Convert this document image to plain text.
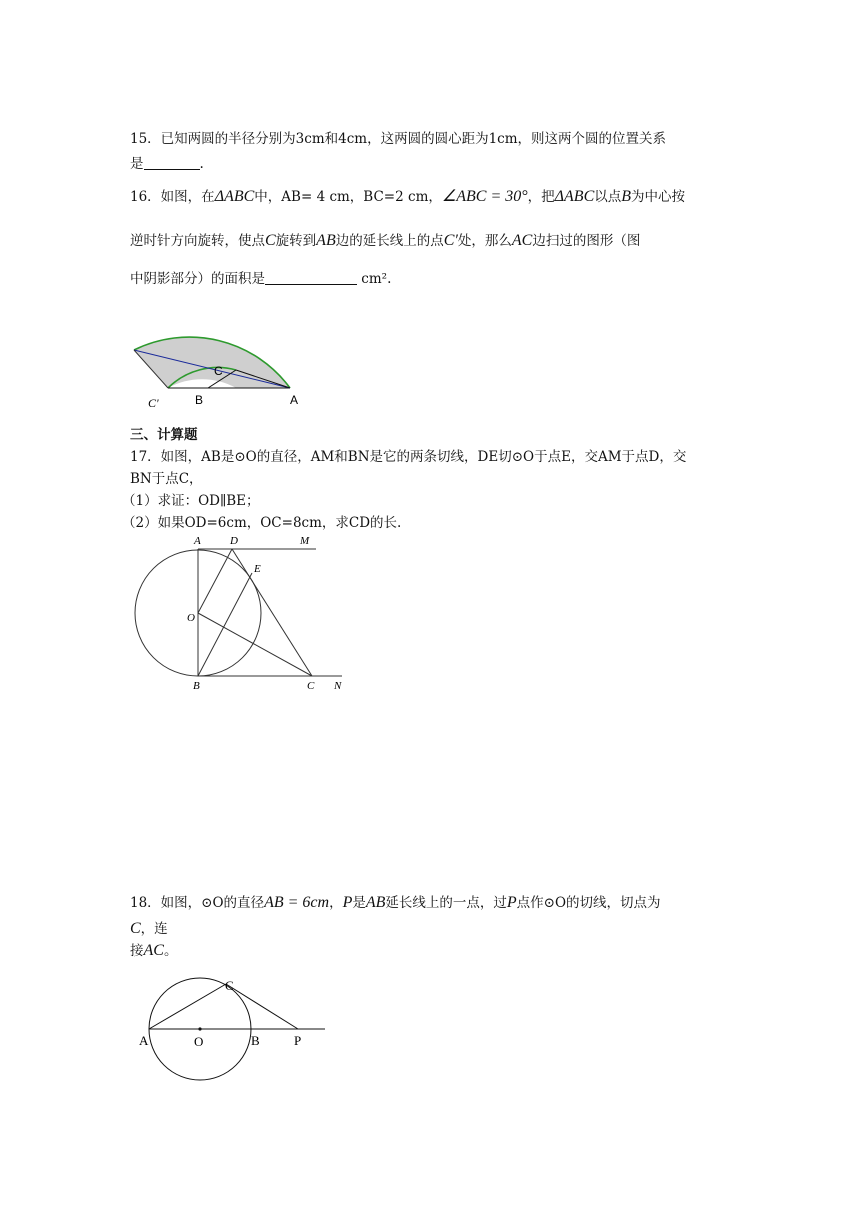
15．已知两圆的半径分别为3cm和4cm，这两圆的圆心距为1cm，则这两个圆的位置关系

是	.

16．如图，在ΔABC中，AB= 4 cm，BC=2 cm，∠ABC = 30°，把ΔABC以点B为中心按

逆时针方向旋转，使点C旋转到AB边的延长线上的点C′处，那么AC边扫过的图形（图

中阴影部分）的面积是	cm².

C'	B
C
A

三、计算题

17．如图，AB是⊙O的直径，AM和BN是它的两条切线，DE切⊙O于点E，交AM于点D，交

BN于点C，

（1）求证：OD∥BE；

（2）如果OD=6cm，OC=8cm，求CD的长.

A	D	M
E
O
B	C N

18．如图，⊙O的直径AB = 6cm，P是AB延长线上的一点，过P点作⊙O的切线，切点为

C，连

接AC。

A	O	B	P
C
